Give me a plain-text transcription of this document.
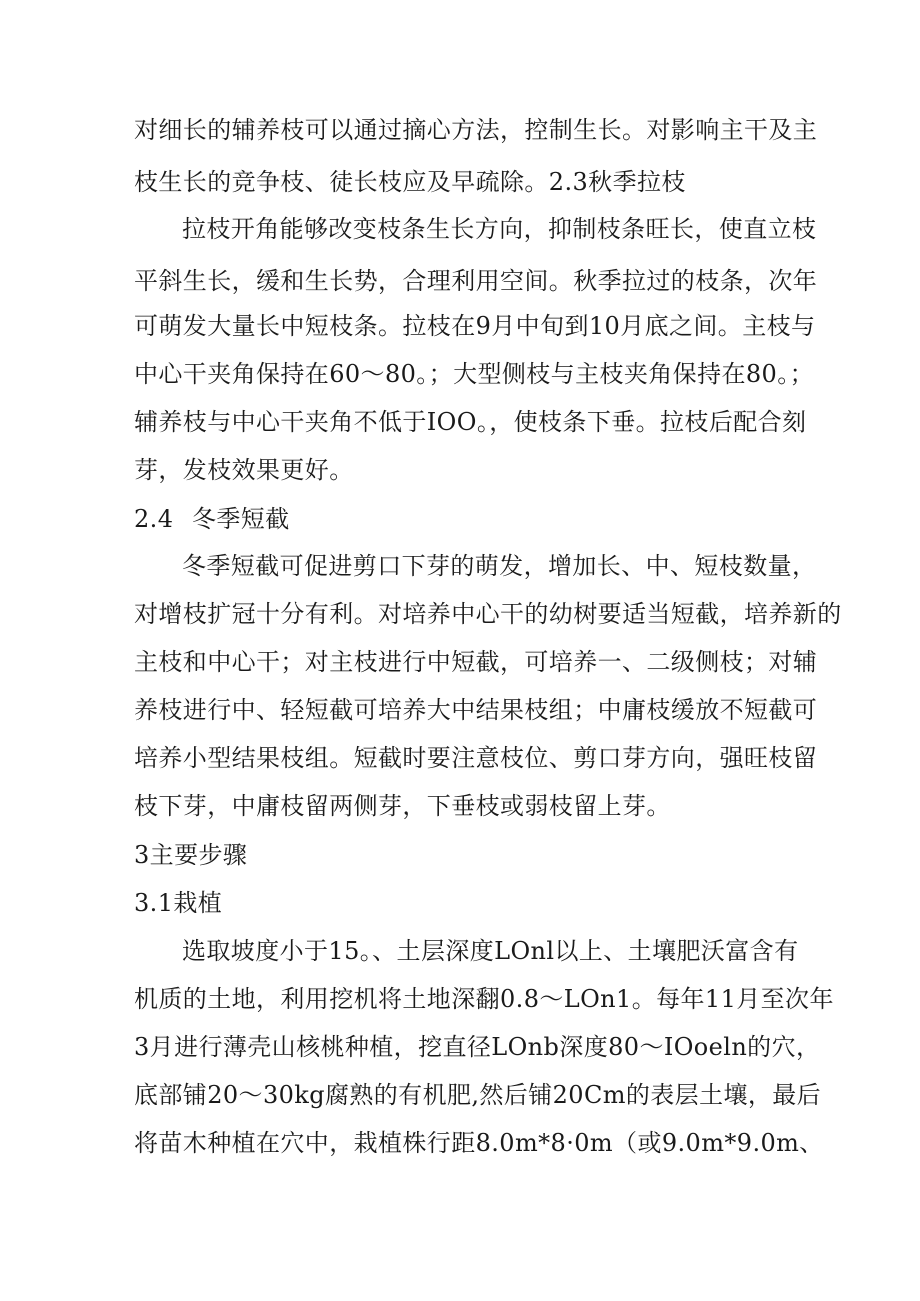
对细长的辅养枝可以通过摘心方法，控制生长。对影响主干及主
枝生长的竞争枝、徒长枝应及早疏除。2.3秋季拉枝
拉枝开角能够改变枝条生长方向，抑制枝条旺长，使直立枝
平斜生长，缓和生长势，合理利用空间。秋季拉过的枝条，次年
可萌发大量长中短枝条。拉枝在9月中旬到10月底之间。主枝与
中心干夹角保持在60～80。；大型侧枝与主枝夹角保持在80。；
辅养枝与中心干夹角不低于IOO。，使枝条下垂。拉枝后配合刻
芽，发枝效果更好。
2.4 冬季短截
冬季短截可促进剪口下芽的萌发，增加长、中、短枝数量，
对增枝扩冠十分有利。对培养中心干的幼树要适当短截，培养新的
主枝和中心干；对主枝进行中短截，可培养一、二级侧枝；对辅
养枝进行中、轻短截可培养大中结果枝组；中庸枝缓放不短截可
培养小型结果枝组。短截时要注意枝位、剪口芽方向，强旺枝留
枝下芽，中庸枝留两侧芽，下垂枝或弱枝留上芽。
3主要步骤
3.1栽植
选取坡度小于15。、土层深度LOnl以上、土壤肥沃富含有
机质的土地，利用挖机将土地深翻0.8～LOn1。每年11月至次年
3月进行薄壳山核桃种植，挖直径LOnb深度80～IOoeln的穴，
底部铺20～30kg腐熟的有机肥,然后铺20Cm的表层土壤，最后
将苗木种植在穴中，栽植株行距8.0m*8·0m（或9.0m*9.0m、
